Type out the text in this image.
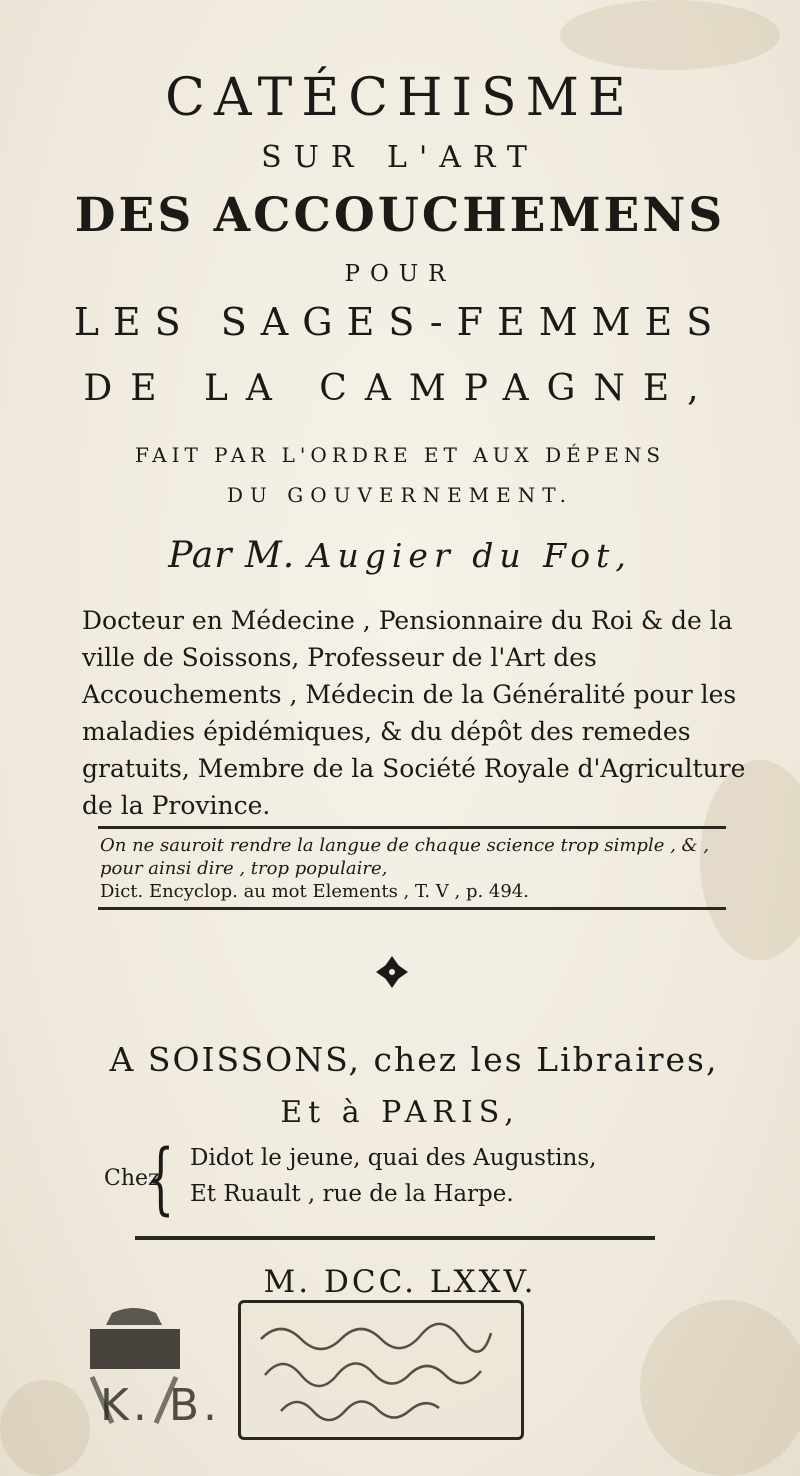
CATÉCHISME
SUR L'ART
DES ACCOUCHEMENS
POUR
LES SAGES-FEMMES
DE LA CAMPAGNE,
FAIT PAR L'ORDRE ET AUX DÉPENS
DU GOUVERNEMENT.
Par M. Augier du Fot,
Docteur en Médecine , Pensionnaire du Roi & de la ville de Soissons, Professeur de l'Art des Accouchements , Médecin de la Généralité pour les maladies épidémiques, & du dépôt des remedes gratuits, Membre de la Société Royale d'Agriculture de la Province.
On ne sauroit rendre la langue de chaque science trop simple , & , pour ainsi dire , trop populaire,
Dict. Encyclop. au mot Elements , T. V , p. 494.
A SOISSONS, chez les Libraires,
Et à PARIS,
Chez
{ Didot le jeune, quai des Augustins,
Et Ruault , rue de la Harpe.
M. DCC. LXXV.
K. B.
